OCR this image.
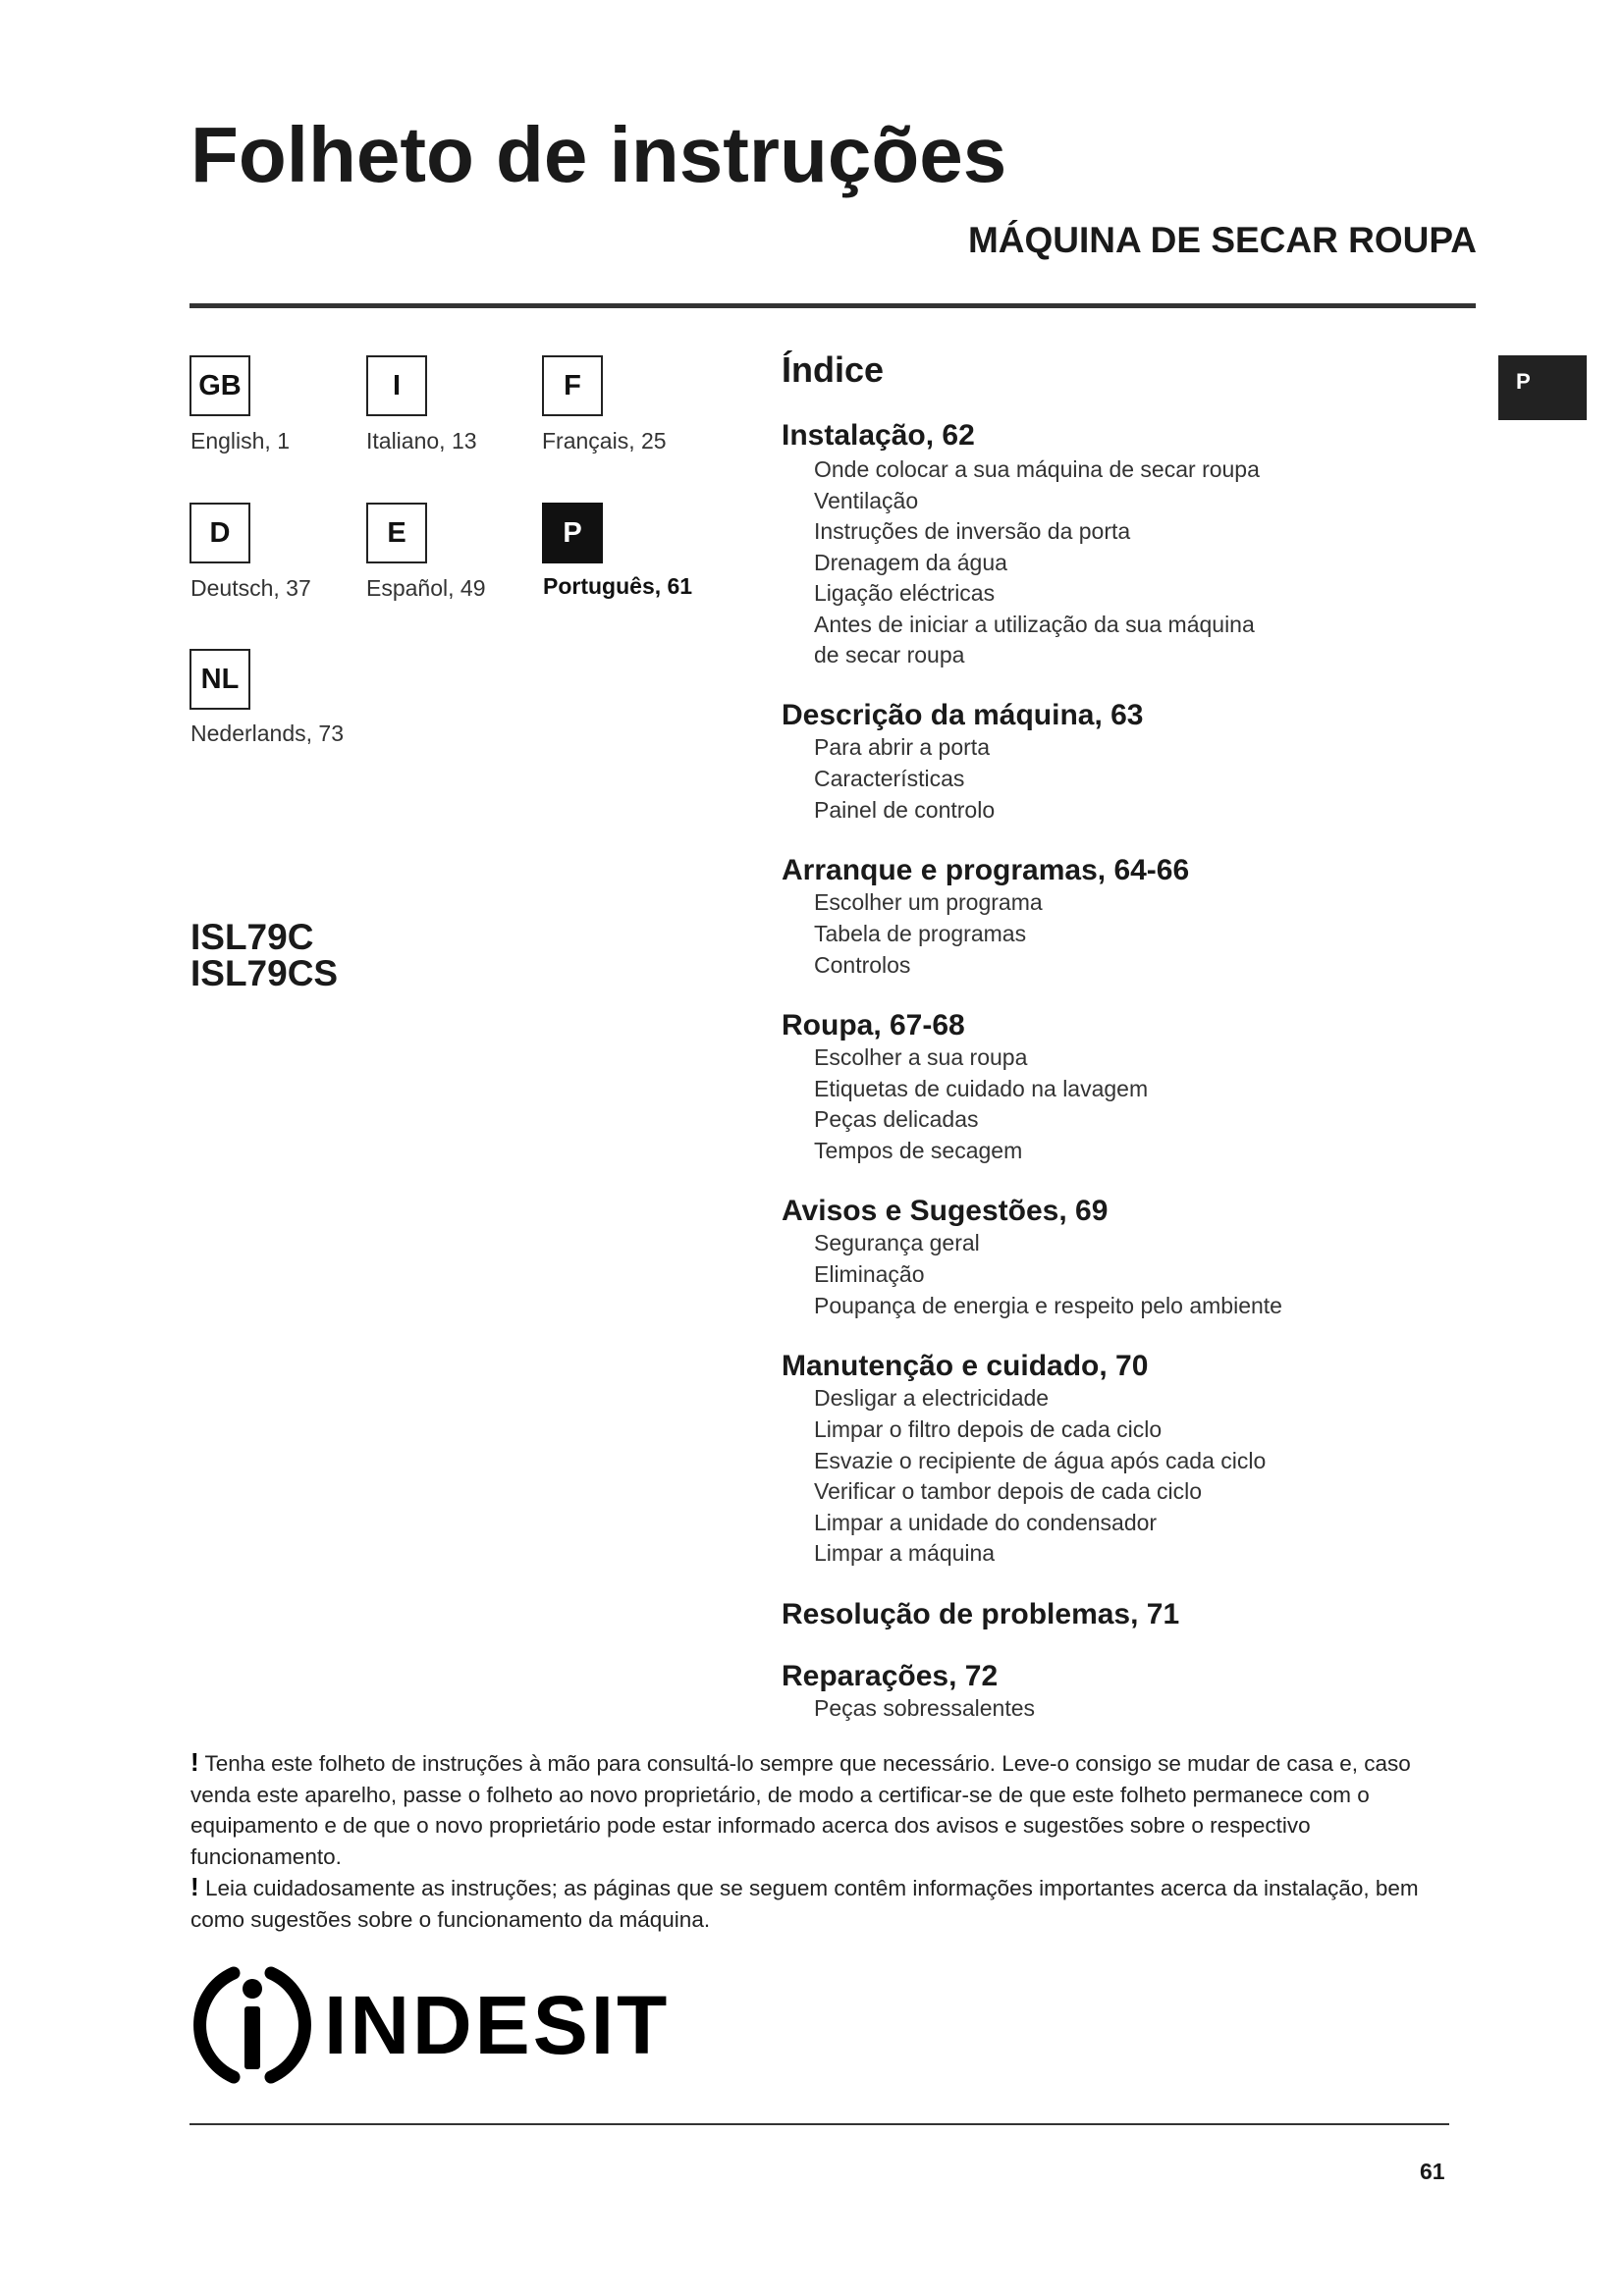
Folheto de instruções
MÁQUINA DE SECAR ROUPA
P
GB
English, 1
I
Italiano, 13
F
Français, 25
D
Deutsch, 37
E
Español, 49
P
Português, 61
NL
Nederlands, 73
ISL79C
ISL79CS
Índice
Instalação, 62
Onde colocar a sua máquina de secar roupa
Ventilação
Instruções de inversão da porta
Drenagem da água
Ligação eléctricas
Antes de iniciar a utilização da sua máquina
de secar roupa
Descrição da máquina, 63
Para abrir a porta
Características
Painel de controlo
Arranque e programas, 64-66
Escolher um programa
Tabela de programas
Controlos
Roupa, 67-68
Escolher a sua roupa
Etiquetas de cuidado na lavagem
Peças delicadas
Tempos de secagem
Avisos e Sugestões, 69
Segurança geral
Eliminação
Poupança de energia e respeito pelo ambiente
Manutenção e cuidado, 70
Desligar a electricidade
Limpar o filtro depois de cada ciclo
Esvazie o recipiente de água após cada ciclo
Verificar o tambor depois de cada ciclo
Limpar a unidade do condensador
Limpar a máquina
Resolução de problemas, 71
Reparações, 72
Peças sobressalentes

! Tenha este folheto de instruções à mão para consultá-lo sempre que necessário. Leve-o consigo se mudar de casa e, caso venda este aparelho, passe o folheto ao novo proprietário, de modo a certificar-se de que este folheto permanece com o equipamento e de que o novo proprietário pode estar informado acerca dos avisos e sugestões sobre o respectivo funcionamento.

! Leia cuidadosamente as instruções; as páginas que se seguem contêm informações importantes acerca da instalação, bem como sugestões sobre o funcionamento da máquina.

INDESIT
61
